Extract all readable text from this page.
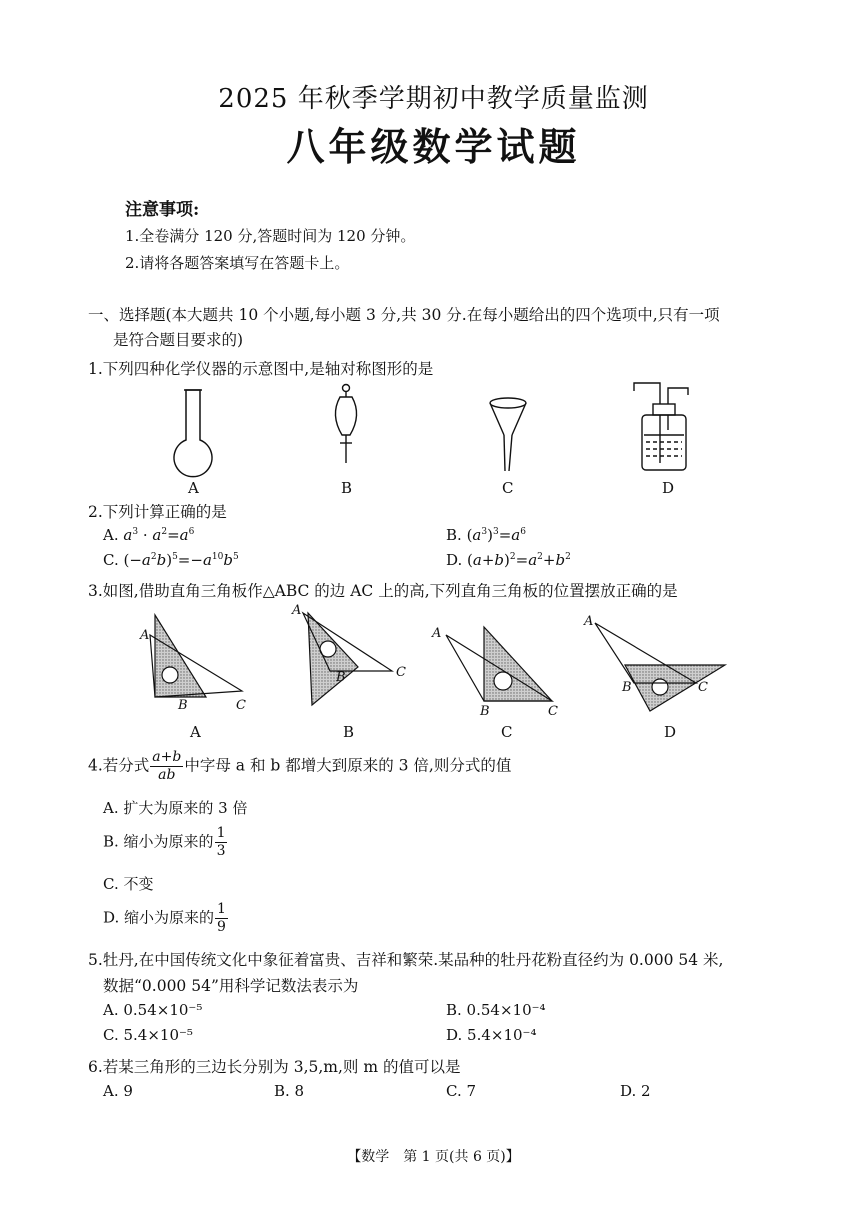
2025 年秋季学期初中教学质量监测
八年级数学试题
注意事项:
1.全卷满分 120 分,答题时间为 120 分钟。
2.请将各题答案填写在答题卡上。
一、选择题(本大题共 10 个小题,每小题 3 分,共 30 分.在每小题给出的四个选项中,只有一项
是符合题目要求的)
1.下列四种化学仪器的示意图中,是轴对称图形的是
A	B	C	D
2.下列计算正确的是
A. $a^3 \cdot a^2=a^6$	B. $(a^3)^3=a^6$
C. $(-a^2b)^5=-a^{10}b^5$	D. $(a+b)^2=a^2+b^2$
3.如图,借助直角三角板作△ABC 的边 AC 上的高,下列直角三角板的位置摆放正确的是
A
B	C
A
B	C
A
B	C
A
B	C
A	B	C	D
4.若分式 $\frac{a+b}{ab}$ 中字母 a 和 b 都增大到原来的 3 倍,则分式的值
A. 扩大为原来的 3 倍
B. 缩小为原来的 $\frac{1}{3}$
C. 不变
D. 缩小为原来的 $\frac{1}{9}$
5.牡丹,在中国传统文化中象征着富贵、吉祥和繁荣.某品种的牡丹花粉直径约为 0.000 54 米,
数据“0.000 54”用科学记数法表示为
A. 0.54×10⁻⁵	B. 0.54×10⁻⁴
C. 5.4×10⁻⁵	D. 5.4×10⁻⁴
6.若某三角形的三边长分别为 3,5,m,则 m 的值可以是
A. 9	B. 8	C. 7	D. 2
【数学　第 1 页(共 6 页)】
